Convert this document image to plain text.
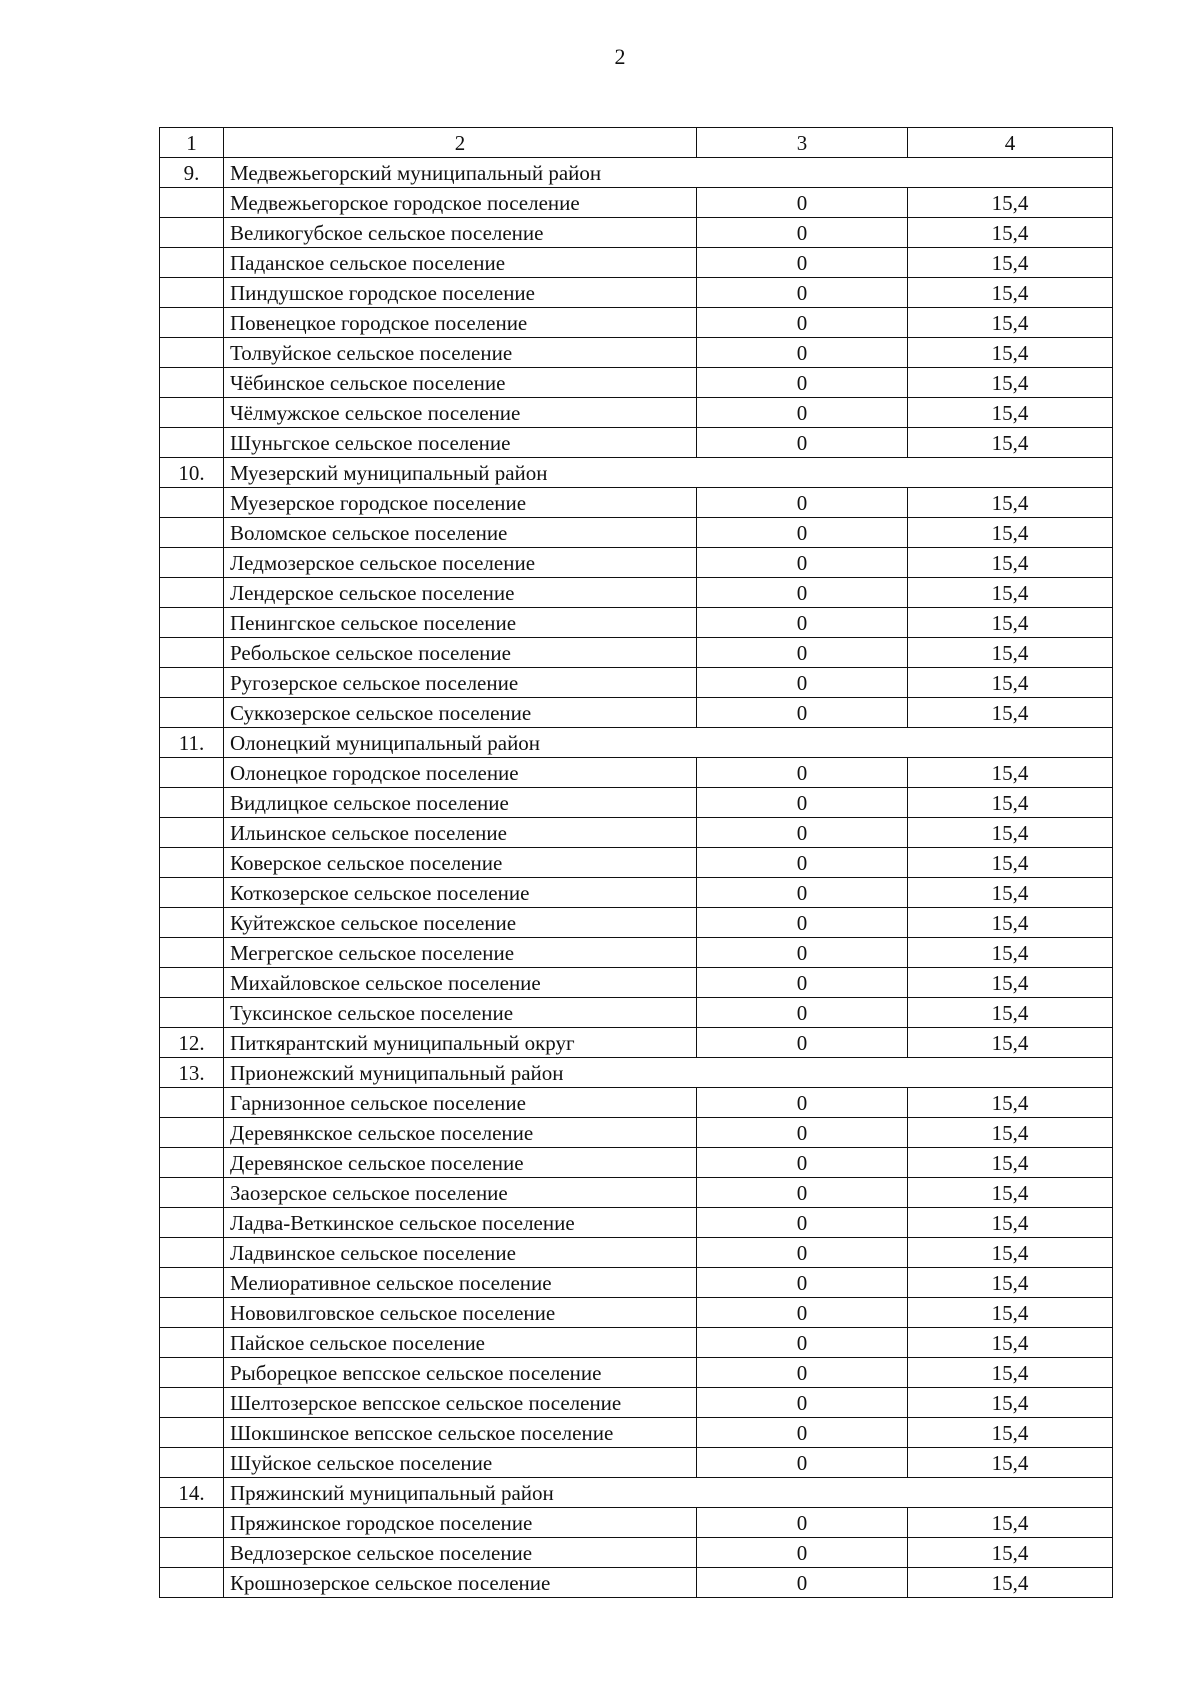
2
1	2	3	4
9.	Медвежьегорский муниципальный район		
	Медвежьегорское городское поселение	0	15,4
	Великогубское сельское поселение	0	15,4
	Паданское сельское поселение	0	15,4
	Пиндушское городское поселение	0	15,4
	Повенецкое городское поселение	0	15,4
	Толвуйское сельское поселение	0	15,4
	Чёбинское сельское поселение	0	15,4
	Чёлмужское сельское поселение	0	15,4
	Шуньгское сельское поселение	0	15,4
10.	Муезерский муниципальный район		
	Муезерское городское поселение	0	15,4
	Воломское сельское поселение	0	15,4
	Ледмозерское сельское поселение	0	15,4
	Лендерское сельское поселение	0	15,4
	Пенингское сельское поселение	0	15,4
	Ребольское сельское поселение	0	15,4
	Ругозерское сельское поселение	0	15,4
	Суккозерское сельское поселение	0	15,4
11.	Олонецкий муниципальный район		
	Олонецкое городское поселение	0	15,4
	Видлицкое сельское поселение	0	15,4
	Ильинское сельское поселение	0	15,4
	Коверское сельское поселение	0	15,4
	Коткозерское сельское поселение	0	15,4
	Куйтежское сельское поселение	0	15,4
	Мегрегское сельское поселение	0	15,4
	Михайловское сельское поселение	0	15,4
	Туксинское сельское поселение	0	15,4
12.	Питкярантский муниципальный округ	0	15,4
13.	Прионежский муниципальный район		
	Гарнизонное сельское поселение	0	15,4
	Деревянкское сельское поселение	0	15,4
	Деревянское сельское поселение	0	15,4
	Заозерское сельское поселение	0	15,4
	Ладва-Веткинское сельское поселение	0	15,4
	Ладвинское сельское поселение	0	15,4
	Мелиоративное сельское поселение	0	15,4
	Нововилговское сельское поселение	0	15,4
	Пайское сельское поселение	0	15,4
	Рыборецкое вепсское сельское поселение	0	15,4
	Шелтозерское вепсское сельское поселение	0	15,4
	Шокшинское вепсское сельское поселение	0	15,4
	Шуйское сельское поселение	0	15,4
14.	Пряжинский муниципальный район		
	Пряжинское городское поселение	0	15,4
	Ведлозерское сельское поселение	0	15,4
	Крошнозерское сельское поселение	0	15,4
